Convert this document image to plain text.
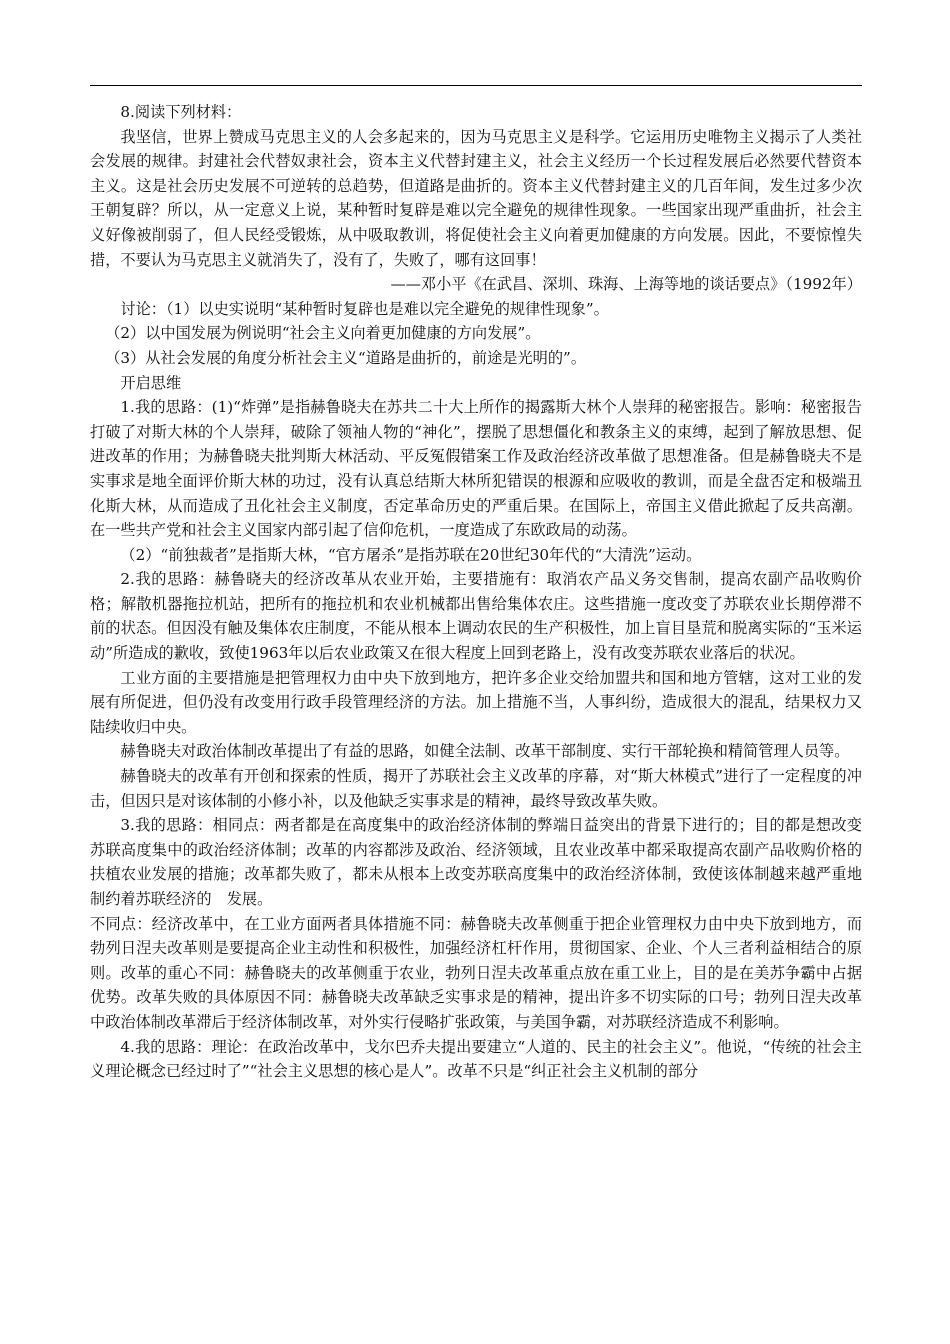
8.阅读下列材料：

我坚信，世界上赞成马克思主义的人会多起来的，因为马克思主义是科学。它运用历史唯物主义揭示了人类社会发展的规律。封建社会代替奴隶社会，资本主义代替封建主义，社会主义经历一个长过程发展后必然要代替资本主义。这是社会历史发展不可逆转的总趋势，但道路是曲折的。资本主义代替封建主义的几百年间，发生过多少次王朝复辟？所以，从一定意义上说，某种暂时复辟是难以完全避免的规律性现象。一些国家出现严重曲折，社会主义好像被削弱了，但人民经受锻炼，从中吸取教训，将促使社会主义向着更加健康的方向发展。因此，不要惊惶失措，不要认为马克思主义就消失了，没有了，失败了，哪有这回事！

——邓小平《在武昌、深圳、珠海、上海等地的谈话要点》（1992年）

讨论：（1）以史实说明“某种暂时复辟也是难以完全避免的规律性现象”。

（2）以中国发展为例说明“社会主义向着更加健康的方向发展”。

（3）从社会发展的角度分析社会主义“道路是曲折的，前途是光明的”。

开启思维

1.我的思路：(1)“炸弹”是指赫鲁晓夫在苏共二十大上所作的揭露斯大林个人崇拜的秘密报告。影响：秘密报告打破了对斯大林的个人崇拜，破除了领袖人物的“神化”，摆脱了思想僵化和教条主义的束缚，起到了解放思想、促进改革的作用；为赫鲁晓夫批判斯大林活动、平反冤假错案工作及政治经济改革做了思想准备。但是赫鲁晓夫不是实事求是地全面评价斯大林的功过，没有认真总结斯大林所犯错误的根源和应吸收的教训，而是全盘否定和极端丑化斯大林，从而造成了丑化社会主义制度，否定革命历史的严重后果。在国际上，帝国主义借此掀起了反共高潮。在一些共产党和社会主义国家内部引起了信仰危机，一度造成了东欧政局的动荡。

（2）“前独裁者”是指斯大林，“官方屠杀”是指苏联在20世纪30年代的“大清洗”运动。

2.我的思路：赫鲁晓夫的经济改革从农业开始，主要措施有：取消农产品义务交售制，提高农副产品收购价格；解散机器拖拉机站，把所有的拖拉机和农业机械都出售给集体农庄。这些措施一度改变了苏联农业长期停滞不前的状态。但因没有触及集体农庄制度，不能从根本上调动农民的生产积极性，加上盲目垦荒和脱离实际的“玉米运动”所造成的歉收，致使1963年以后农业政策又在很大程度上回到老路上，没有改变苏联农业落后的状况。

工业方面的主要措施是把管理权力由中央下放到地方，把许多企业交给加盟共和国和地方管辖，这对工业的发展有所促进，但仍没有改变用行政手段管理经济的方法。加上措施不当，人事纠纷，造成很大的混乱，结果权力又陆续收归中央。

赫鲁晓夫对政治体制改革提出了有益的思路，如健全法制、改革干部制度、实行干部轮换和精简管理人员等。

赫鲁晓夫的改革有开创和探索的性质，揭开了苏联社会主义改革的序幕，对“斯大林模式”进行了一定程度的冲击，但因只是对该体制的小修小补，以及他缺乏实事求是的精神，最终导致改革失败。

3.我的思路：相同点：两者都是在高度集中的政治经济体制的弊端日益突出的背景下进行的；目的都是想改变苏联高度集中的政治经济体制；改革的内容都涉及政治、经济领域，且农业改革中都采取提高农副产品收购价格的扶植农业发展的措施；改革都失败了，都未从根本上改变苏联高度集中的政治经济体制，致使该体制越来越严重地制约着苏联经济的　发展。

不同点：经济改革中，在工业方面两者具体措施不同：赫鲁晓夫改革侧重于把企业管理权力由中央下放到地方，而勃列日涅夫改革则是要提高企业主动性和积极性，加强经济杠杆作用，贯彻国家、企业、个人三者利益相结合的原则。改革的重心不同：赫鲁晓夫的改革侧重于农业，勃列日涅夫改革重点放在重工业上，目的是在美苏争霸中占据优势。改革失败的具体原因不同：赫鲁晓夫改革缺乏实事求是的精神，提出许多不切实际的口号；勃列日涅夫改革中政治体制改革滞后于经济体制改革，对外实行侵略扩张政策，与美国争霸，对苏联经济造成不利影响。

4.我的思路：理论：在政治改革中，戈尔巴乔夫提出要建立“人道的、民主的社会主义”。他说，“传统的社会主义理论概念已经过时了”“社会主义思想的核心是人”。改革不只是“纠正社会主义机制的部分
